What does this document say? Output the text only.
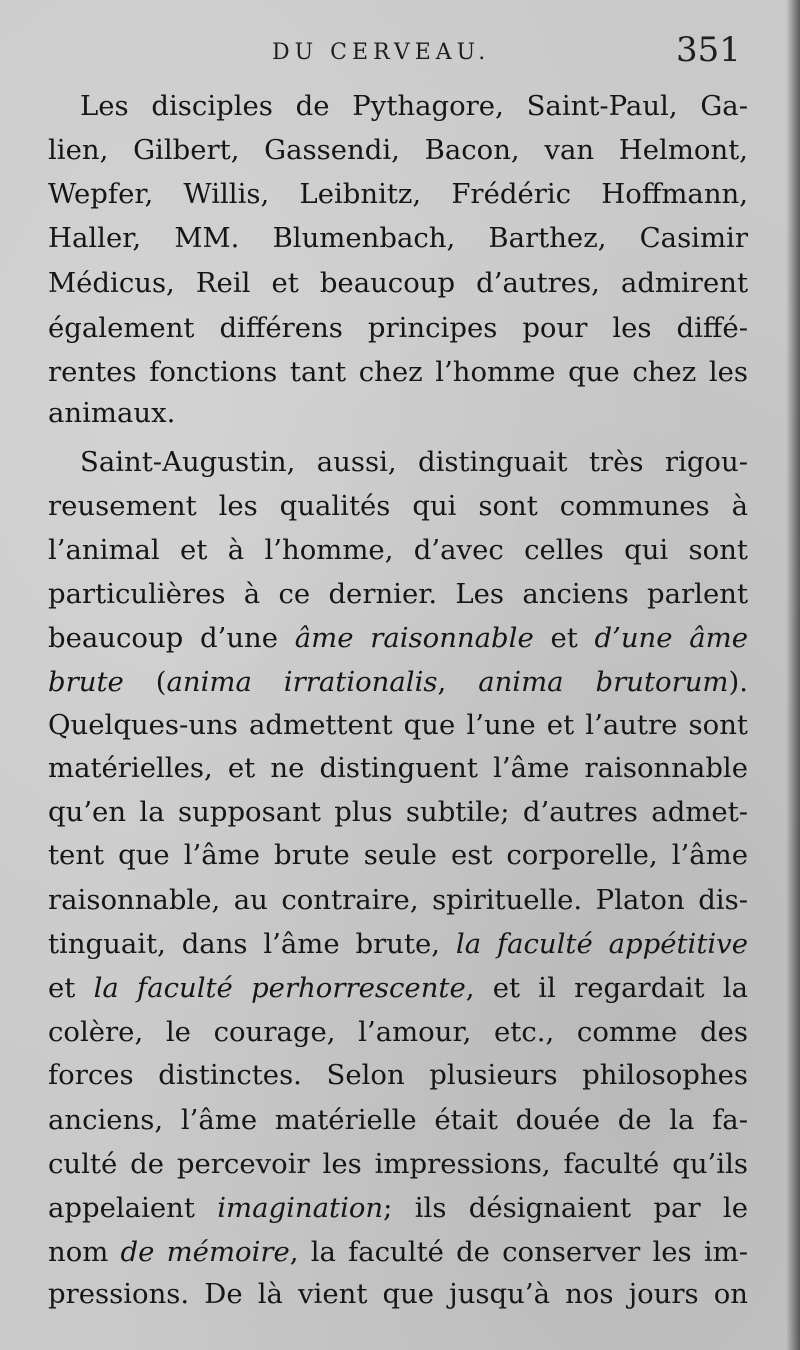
DU CERVEAU.	351
Les disciples de Pythagore, Saint-Paul, Ga-
lien, Gilbert, Gassendi, Bacon, van Helmont,
Wepfer, Willis, Leibnitz, Frédéric Hoffmann,
Haller, MM. Blumenbach, Barthez, Casimir
Médicus, Reil et beaucoup d’autres, admirent
également différens principes pour les diffé-
rentes fonctions tant chez l’homme que chez les
animaux.
Saint-Augustin, aussi, distinguait très rigou-
reusement les qualités qui sont communes à
l’animal et à l’homme, d’avec celles qui sont
particulières à ce dernier. Les anciens parlent
beaucoup d’une âme raisonnable et d’une âme
brute (anima irrationalis, anima brutorum).
Quelques-uns admettent que l’une et l’autre sont
matérielles, et ne distinguent l’âme raisonnable
qu’en la supposant plus subtile; d’autres admet-
tent que l’âme brute seule est corporelle, l’âme
raisonnable, au contraire, spirituelle. Platon dis-
tinguait, dans l’âme brute, la faculté appétitive
et la faculté perhorrescente, et il regardait la
colère, le courage, l’amour, etc., comme des
forces distinctes. Selon plusieurs philosophes
anciens, l’âme matérielle était douée de la fa-
culté de percevoir les impressions, faculté qu’ils
appelaient imagination; ils désignaient par le
nom de mémoire, la faculté de conserver les im-
pressions. De là vient que jusqu’à nos jours on
